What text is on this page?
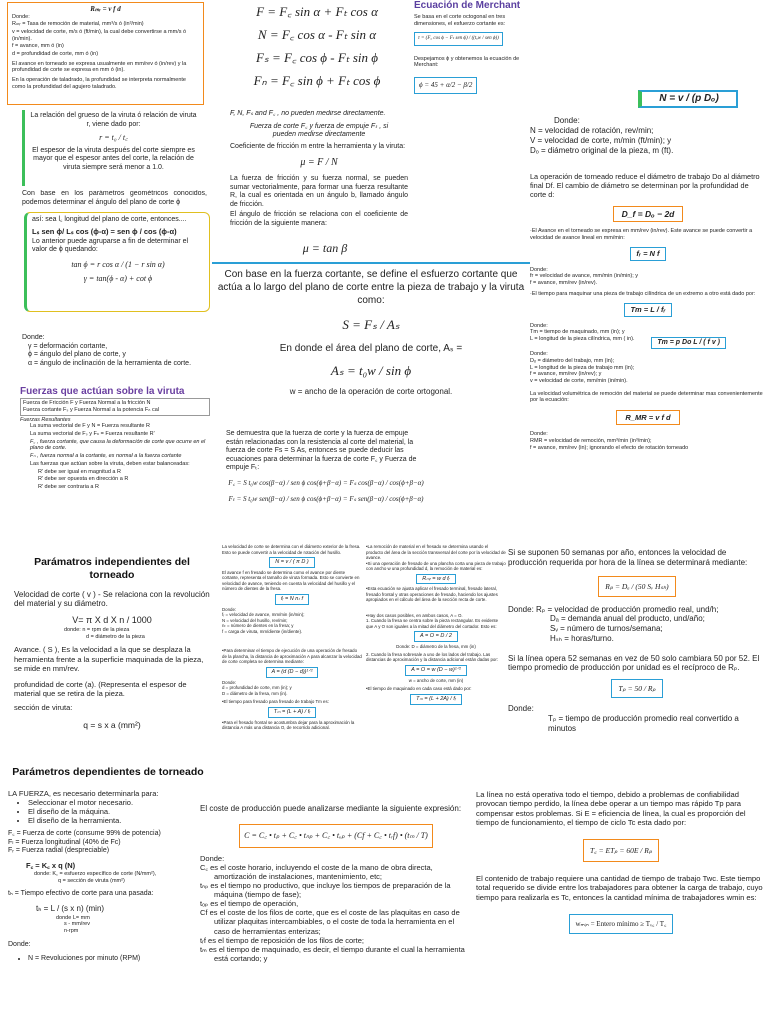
Rₘᵣ = v f d
Donde:
Rₘᵣ = Tasa de remoción de material, mm³/s ó (in³/min)
v = velocidad de corte, m/s ó (ft/min), la cual debe convertirse a mm/s ó (in/min).
f = avance, mm ó (in)
d = profundidad de corte, mm ó (in)
El avance en torneado se expresa usualmente en mm/rev ó (in/rev) y la profundidad de corte se expresa en mm ó (in).
En la operación de taladrado, la profundidad se interpreta normalmente como la profundidad del agujero taladrado.
La relación del grueso de la viruta ó relación de viruta r, viene dado por:
r = t₀ / t꜀
El espesor de la viruta después del corte siempre es mayor que el espesor antes del corte, la relación de viruta siempre será menor a 1.0.
Con base en los parámetros geométricos conocidos, podemos determinar el ángulo del plano de corte ϕ
así: sea l꜀ longitud del plano de corte, entonces....
Lₛ sen ϕ/ Lₛ cos (ϕ-α) = sen ϕ / cos (ϕ-α)
Lo anterior puede agruparse a fin de determinar el valor de ϕ quedando:
tan ϕ = r cos α / (1 − r sin α)
γ = tan(ϕ - α) + cot ϕ
Donde:
γ = deformación cortante,
ϕ = ángulo del plano de corte, y
α = ángulo de inclinación de la herramienta de corte.
Fuerzas que actúan sobre la viruta
Fuerza de Fricción F y Fuerza Normal a la fricción N
Fuerza cortante Fₛ y Fuerza Normal a la potencia Fₙ cal
Fuerzas Resultantes
La suma vectorial de F y N = Fuerza resultante R
La suma vectorial de Fₛ y Fₙ = Fuerza resultante R'
F꜀ , fuerza cortante, que causa la deformación de corte que ocurre en el plano de corte.
Fₙ , fuerza normal a la cortante, es normal a la fuerza cortante
Las fuerzas que actúan sobre la viruta, deben estar balanceadas:
R' debe ser igual en magnitud a R
R' debe ser opuesta en dirección a R
R' debe ser contraria a R
Parámatros independientes del torneado
Velocidad de corte ( v ) - Se relaciona con la revolución del material y su diámetro.
V= π X d X n / 1000
donde: n = rpm de la pieza
d = diámetro de la pieza
Avance. ( S ), Es la velocidad a la que se desplaza la herramienta frente a la superficie maquinada de la pieza, se mide en mm/rev.
profundidad de corte (a). (Representa el espesor de material que se retira de la pieza.
sección de viruta:
q = s x a (mm²)
Parámetros dependientes de torneado
LA FUERZA, es necesario determinarla para:
• Seleccionar el motor necesario.
• El diseño de la máquina.
• El diseño de la herramienta.
F꜀ = Fuerza de corte (consume 99% de potencia)
Fₗ = Fuerza longitudinal (40% de Fc)
Fᵣ = Fuerza radial (despreciable)
F꜀ = K꜀ x q (N)
donde: K꜀ = esfuerzo específico de corte (N/mm²),
q = sección de viruta (mm²)
tₕ = Tiempo efectivo de corte para una pasada:
tₕ = L / (s x n) (min)
donde L= mm
s - mm/rev
n-rpm
Donde:
• N = Revoluciones por minuto (RPM)
F = F꜀ sin α + Fₜ cos α
N = F꜀ cos α - Fₜ sin α
Fₛ = F꜀ cos ϕ - Fₜ sin ϕ
Fₙ = F꜀ sin ϕ + Fₜ cos ϕ
F, N, Fₛ and F꜀ , no pueden medirse directamente.
Fuerza de corte F꜀ y fuerza de empuje Fₜ , si pueden medirse directamente
Coeficiente de fricción m entre la herramienta y la viruta:
μ = F / N
La fuerza de fricción y su fuerza normal, se pueden sumar vectorialmente, para formar una fuerza resultante R, la cual es orientada en un ángulo b, llamado ángulo de fricción.
El ángulo de fricción se relaciona con el coeficiente de fricción de la siguiente manera:
μ = tan β
Con base en la fuerza cortante, se define el esfuerzo cortante que actúa a lo largo del plano de corte entre la pieza de trabajo y la viruta como:
S = Fₛ / Aₛ
En donde el área del plano de corte, Aₛ =
Aₛ = t₀w / sin ϕ
w = ancho de la operación de corte ortogonal.
Se demuestra que la fuerza de corte y la fuerza de empuje están relacionadas con la resistencia al corte del material, la fuerza de corte Fs = S As, entonces se puede deducir las ecuaciones para determinar la fuerza de corte F꜀ y Fuerza de empuje Fₜ:
F꜀ = S t₀w cos(β−α) / sen ϕ cos(ϕ+β−α) = Fₛ cos(β−α) / cos(ϕ+β−α)
Fₜ = S t₀w sen(β−α) / sen ϕ cos(ϕ+β−α) = Fₛ sen(β−α) / cos(ϕ+β−α)
La velocidad de corte se determina con el diámetro exterior de la fresa. Esto se puede convertir a la velocidad de rotación del husillo.
N = v / ( π D )
El avance f en fresado se determina como el avance por diente cortante, representa el tamaño de viruta formada. Esto se convierte en velocidad de avance, teniendo en cuenta la velocidad del husillo y el número de dientes de la fresa.
fᵣ = N nₜ f
Donde:
fᵣ = velocidad de avance, mm/min (in/min);
N = velocidad del husillo, rev/min;
nₜ = número de dientes en la fresa; y
f = carga de viruta, mm/diente (in/diente).
•Para determinar el tiempo de ejecución de una operación de fresado de la plancha, la distancia de aproximación A para alcanzar la velocidad de corte completa se determina mediante:
A = (d (D − d))¹ᐟ²
Donde:
d = profundidad de corte, mm (in); y
D = diámetro de la fresa, mm (in).
•El tiempo para fresado para fresado de trabajo Tm es:
Tₘ = (L + A) / fᵣ
•Para el fresado frontal se acostumbra dejar para la aproximación la distancia A más una distancia O, de recorrido adicional.
•La remoción de material en el fresado se determina usando el producto del área de la sección transversal del corte por la velocidad de avance.
•Si una operación de fresado de una plancha corta una pieza de trabajo con ancho w una profundidad d, la remoción de material es:
Rₘᵣ = w d fᵣ
•Esta ecuación se ajusta aplicar el fresado terminal, fresado lateral, fresado frontal y otras operaciones de fresado, haciendo los ajustes apropiados en el cálculo del área de la sección recta de corte.
•Hay dos casos posibles, en ambos casos, A = O.
1. Cuando la fresa se centra sobre la pieza rectangular. Es evidente que A y O son iguales a la mitad del diámetro del cortador. Esto es:
A = O = D / 2
Donde: D = diámetro de la fresa, mm (in)
2. Cuando la fresa sobresale a uno de los lados del trabajo. Las distancias de aproximación y la distancia adicional están dadas por:
A = O = w (D − w)¹ᐟ²
w = ancho de corte, mm (in)
•El tiempo de maquinado en cada caso está dado por:
Tₘ = (L + 2A) / fᵣ
El coste de producción puede analizarse mediante la siguiente expresión:
C = C꜀ • tₚ + C꜀ • tₙₚ + C꜀ • tₒₚ + (Cf + C꜀ • tᵣf) • (tₘ / T)
Donde:
C꜀ es el coste horario, incluyendo el coste de la mano de obra directa, amortización de instalaciones, mantenimiento, etc;
tₙₚ es el tiempo no productivo, que incluye los tiempos de preparación de la máquina (tiempo de fase);
tₒₚ es el tiempo de operación,
Cf es el coste de los filos de corte, que es el coste de las plaquitas en caso de utilizar plaquitas intercambiables, o el coste de toda la herramienta en el caso de herramientas enterizas;
tᵣf es el tiempo de reposición de los filos de corte;
tₘ es el tiempo de maquinado, es decir, el tiempo durante el cual la herramienta está cortando; y
Ecuación de Merchant
Se basa en el corte octogonal en tres dimensiones, el esfuerzo cortante es:
τ = (F꜀ cos ϕ − Fₜ sen ϕ) / ((tₒw / sen ϕ))
Despejamos ϕ y obtenemos la ecuación de Merchant:
ϕ = 45 + α/2 − β/2
N = v / (p Dₒ)
Donde:
N = velocidad de rotación, rev/min;
V = velocidad de corte, m/min (ft/min); y
Dₒ = diámetro original de la pieza, m (ft).
La operación de torneado reduce el diámetro de trabajo Do al diámetro final Df. El cambio de diámetro se determinan por la profundidad de corte d:
D_f = Dₒ − 2d
·El Avance en el torneado se expresa en mm/rev (in/rev). Este avance se puede convertir a velocidad de avance lineal en mm/min:
fᵣ = N f
Donde:
fr = velocidad de avance, mm/min (in/min); y
f = avance, mm/rev (in/rev).
·El tiempo para maquinar una pieza de trabajo cilíndrica de un extremo a otro está dado por:
Tm = L / fᵣ
Donde:
Tm = tiempo de maquinado, mm (in); y
L = longitud de la pieza cilíndrica, mm ( in).	Tm = p Do L / ( f v )
Donde:
Dₒ = diámetro del trabajo, mm (in);
L = longitud de la pieza de trabajo mm (in);
f = avance, mm/rev (in/rev); y
v = velocidad de corte, mm/min (in/min).
La velocidad volumétrica de remoción del material se puede determinar mas convenientemente por la ecuación:
R_MR = v f d
Donde:
RMR = velocidad de remoción, mm³/min (in³/min);
f = avance, mm/rev (in); ignorando el efecto de rotación torneado
Si se suponen 50 semanas por año, entonces la velocidad de producción requerida por hora de la línea se determinará mediante:
Rₚ = Dₐ / (50 Sᵥ Hₛₕ)
Donde: Rₚ = velocidad de producción promedio real, und/h;
Dₐ = demanda anual del producto, und/año;
Sᵥ = número de turnos/semana;
Hₛₕ = horas/turno.
Si la línea opera 52 semanas en vez de 50 solo cambiara 50 por 52. El tiempo promedio de producción por unidad es el recíproco de Rₚ.
Tₚ = 50 / Rₚ
Donde:
Tₚ = tiempo de producción promedio real convertido a minutos
La línea no está operativa todo el tiempo, debido a problemas de confiabilidad provocan tiempo perdido, la línea debe operar a un tiempo mas rápido Tp para compensar estos problemas. Si E = eficiencia de línea, la cual es proporción del tiempo de funcionamiento, el tiempo de ciclo Tc esta dado por:
T꜀ = ETₚ = 60E / Rₚ
El contenido de trabajo requiere una cantidad de tiempo de trabajo Twc. Este tiempo total requerido se divide entre los trabajadores para obtener la carga de trabajo, cuyo tiempo para realizarla es Tc, entonces la cantidad mínima de trabajadores wmin es:
wₘᵢₙ = Entero mínimo ≥ Tᵥ꜀ / T꜀
